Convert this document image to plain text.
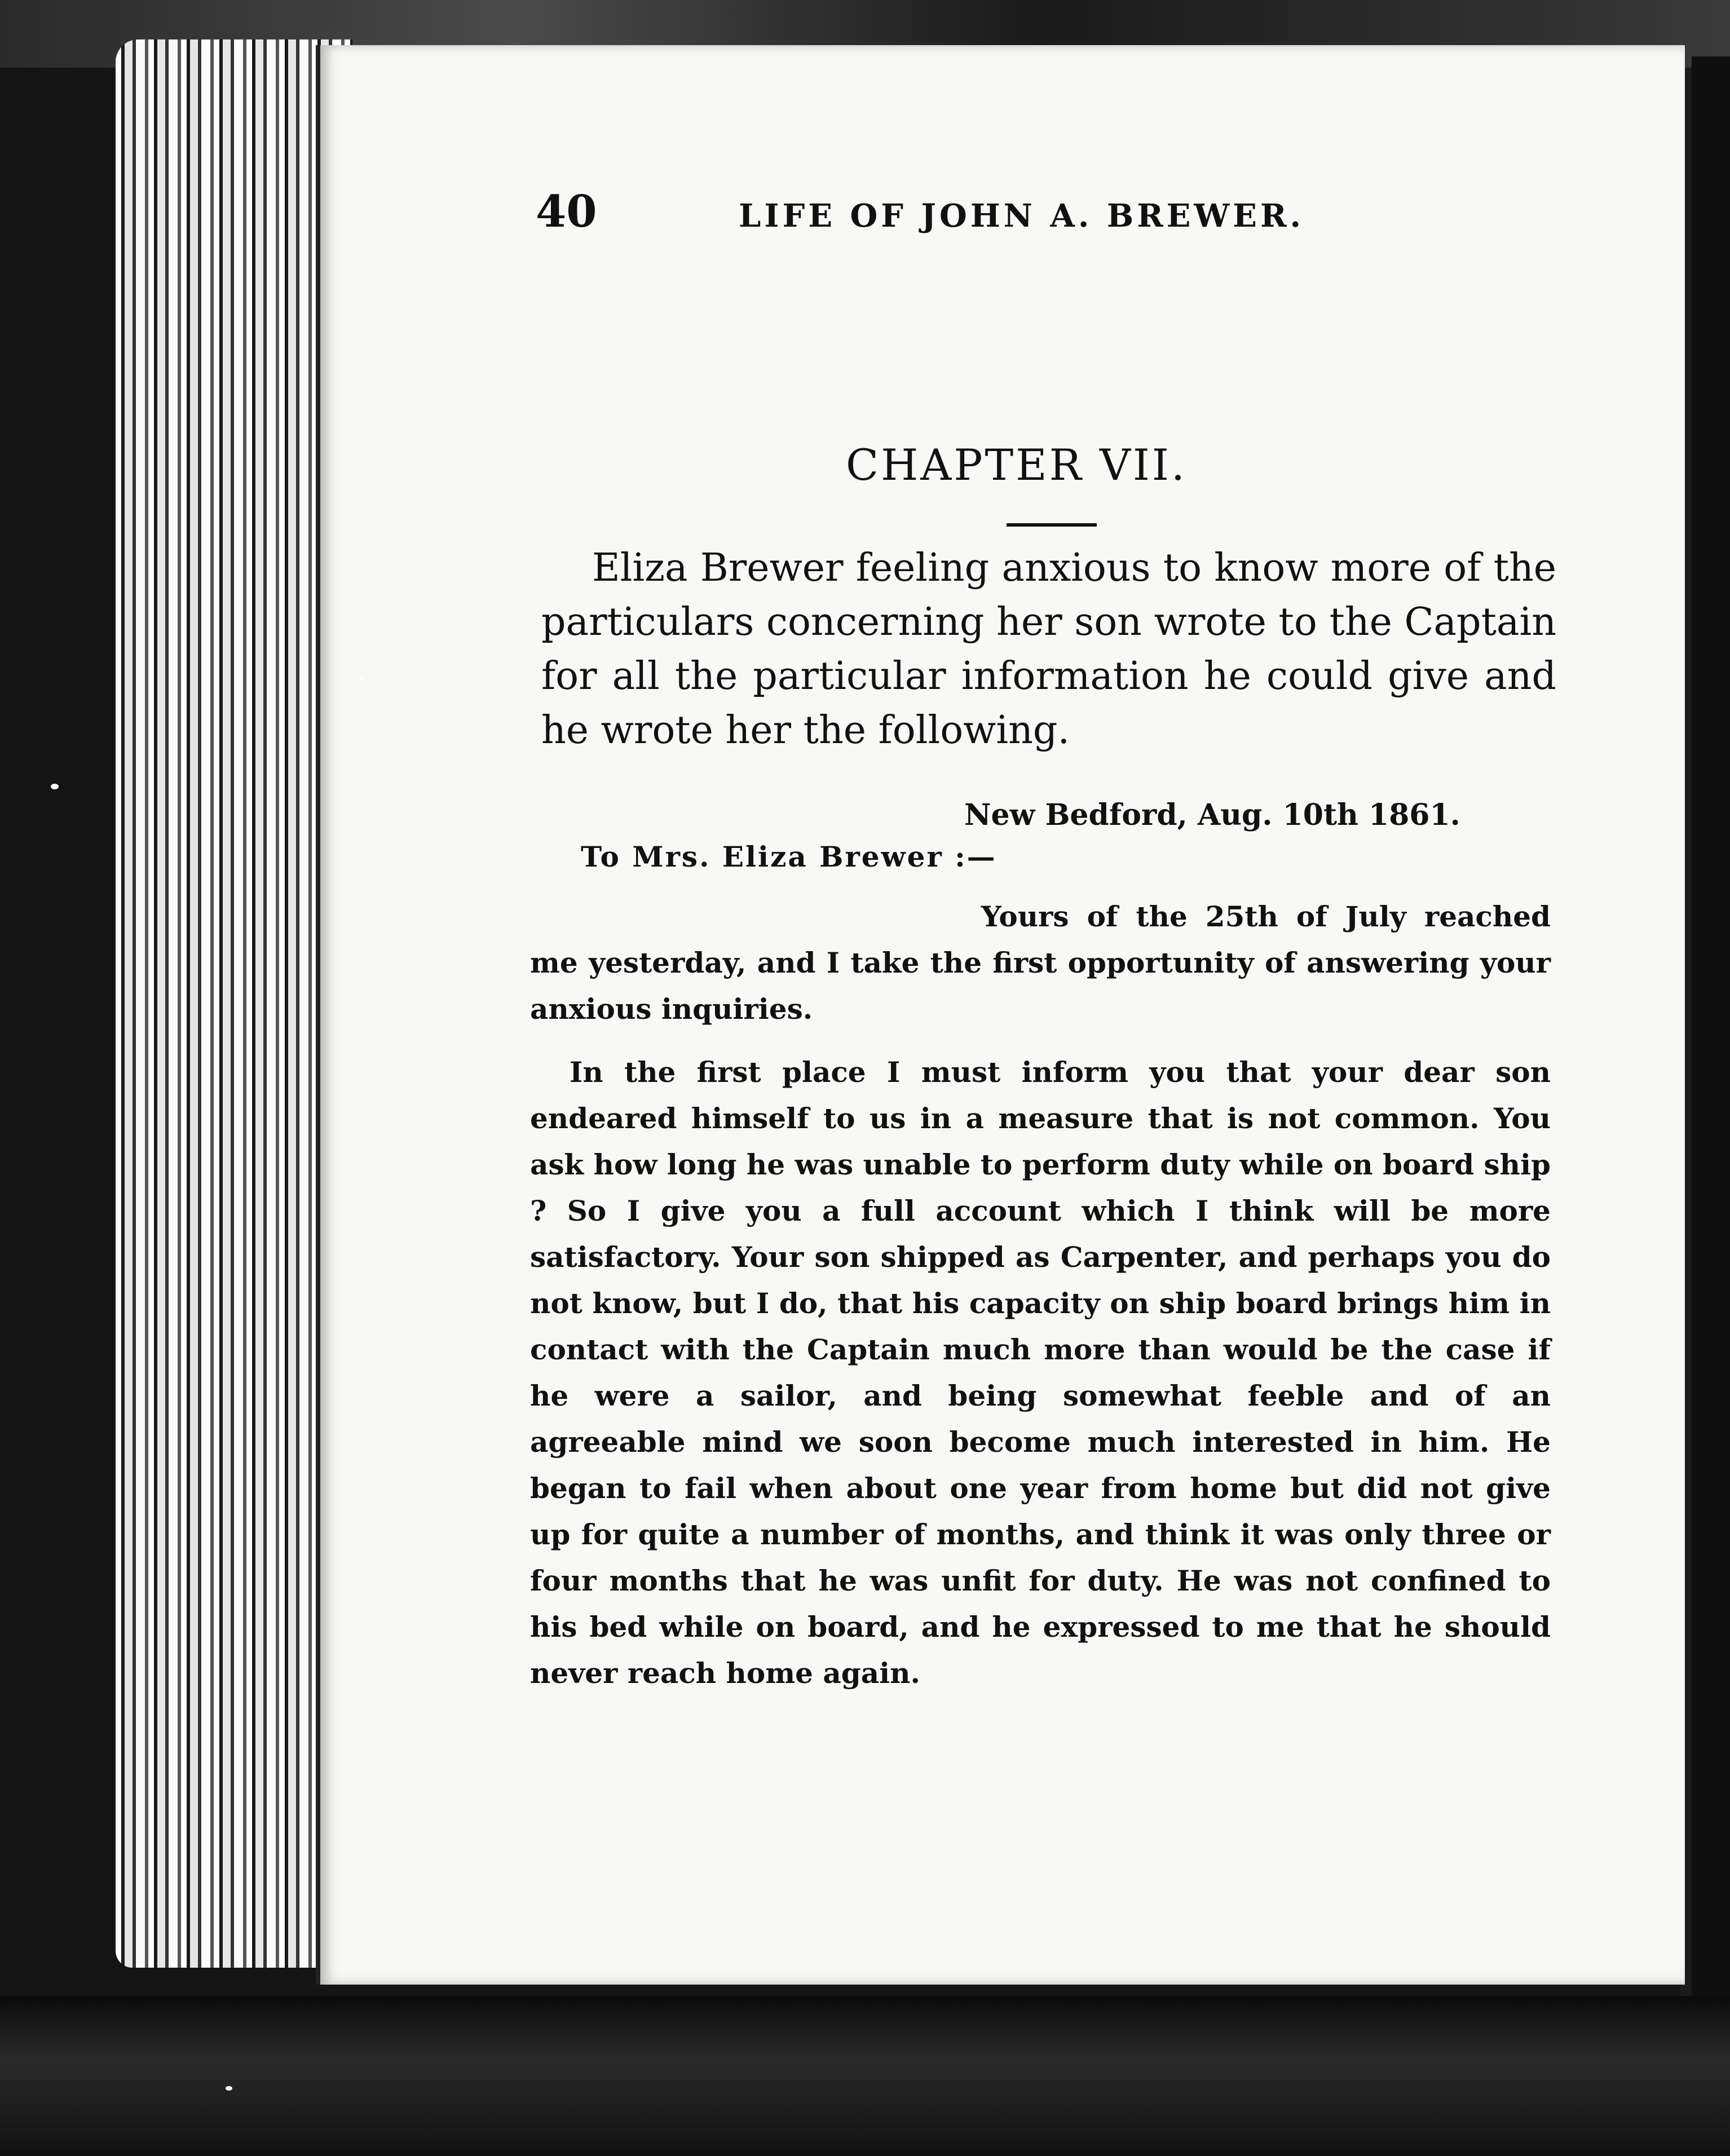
40	LIFE OF JOHN A. BREWER.
CHAPTER VII.

Eliza Brewer feeling anxious to know more of the particulars concerning her son wrote to the Captain for all the particular information he could give and he wrote her the following.

New Bedford, Aug. 10th 1861.
To Mrs. Eliza Brewer :—

Yours of the 25th of July reached me yesterday, and I take the first opportunity of answering your anxious inquiries.

In the first place I must inform you that your dear son endeared himself to us in a measure that is not common. You ask how long he was unable to perform duty while on board ship ? So I give you a full account which I think will be more satisfactory. Your son shipped as Carpenter, and perhaps you do not know, but I do, that his capacity on ship board brings him in contact with the Captain much more than would be the case if he were a sailor, and being somewhat feeble and of an agreeable mind we soon become much interested in him. He began to fail when about one year from home but did not give up for quite a number of months, and think it was only three or four months that he was unfit for duty. He was not confined to his bed while on board, and he expressed to me that he should never reach home again.
